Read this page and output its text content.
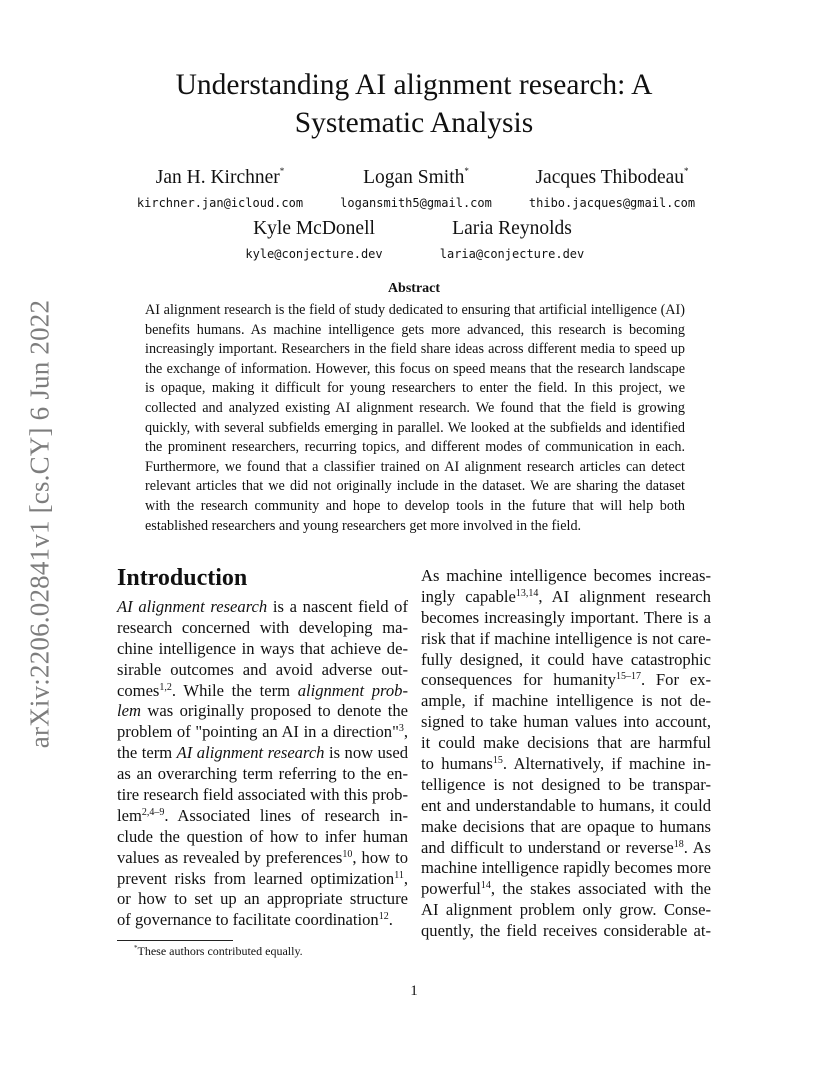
arXiv:2206.02841v1 [cs.CY] 6 Jun 2022
Understanding AI alignment research: A
Systematic Analysis
Jan H. Kirchner*
kirchner.jan@icloud.com
Logan Smith*
logansmith5@gmail.com
Jacques Thibodeau*
thibo.jacques@gmail.com
Kyle McDonell
kyle@conjecture.dev
Laria Reynolds
laria@conjecture.dev
Abstract

AI alignment research is the field of study dedicated to ensuring that artificial intelligence (AI) benefits humans. As machine intelligence gets more advanced, this research is becoming increasingly important. Researchers in the field share ideas across different media to speed up the exchange of information. However, this focus on speed means that the research landscape is opaque, making it difficult for young researchers to enter the field. In this project, we collected and analyzed existing AI alignment research. We found that the field is growing quickly, with several subfields emerging in parallel. We looked at the subfields and identified the prominent researchers, recurring topics, and different modes of communication in each. Furthermore, we found that a classifier trained on AI alignment research articles can detect relevant articles that we did not originally include in the dataset. We are sharing the dataset with the research community and hope to develop tools in the future that will help both established researchers and young researchers get more involved in the field.

Introduction
AI alignment research is a nascent field of
research concerned with developing ma-
chine intelligence in ways that achieve de-
sirable outcomes and avoid adverse out-
comes$^{1,2}$. While the term alignment prob-
lem was originally proposed to denote the
problem of "pointing an AI in a direction"$^3$,
the term AI alignment research is now used
as an overarching term referring to the en-
tire research field associated with this prob-
lem$^{2,4-9}$. Associated lines of research in-
clude the question of how to infer human
values as revealed by preferences$^{10}$, how to
prevent risks from learned optimization$^{11}$,
or how to set up an appropriate structure
of governance to facilitate coordination$^{12}$.
As machine intelligence becomes increas-
ingly capable$^{13,14}$, AI alignment research
becomes increasingly important. There is a
risk that if machine intelligence is not care-
fully designed, it could have catastrophic
consequences for humanity$^{15-17}$. For ex-
ample, if machine intelligence is not de-
signed to take human values into account,
it could make decisions that are harmful
to humans$^{15}$. Alternatively, if machine in-
telligence is not designed to be transpar-
ent and understandable to humans, it could
make decisions that are opaque to humans
and difficult to understand or reverse$^{18}$. As
machine intelligence rapidly becomes more
powerful$^{14}$, the stakes associated with the
AI alignment problem only grow. Conse-
quently, the field receives considerable at-
*These authors contributed equally.
1
